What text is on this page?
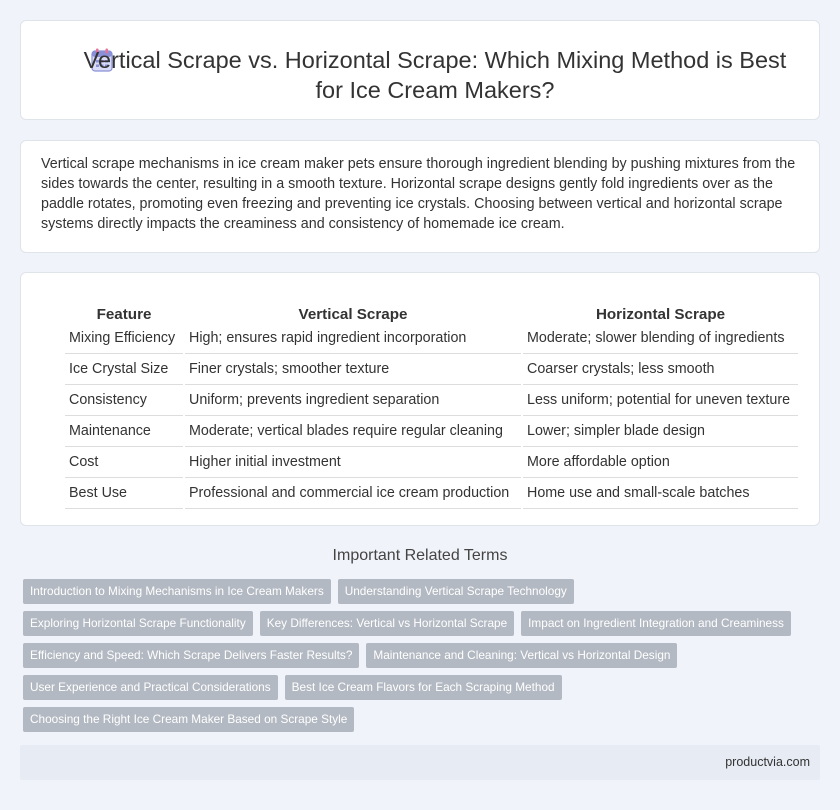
Vertical Scrape vs. Horizontal Scrape: Which Mixing Method is Best for Ice Cream Makers?

Vertical scrape mechanisms in ice cream maker pets ensure thorough ingredient blending by pushing mixtures from the sides towards the center, resulting in a smooth texture. Horizontal scrape designs gently fold ingredients over as the paddle rotates, promoting even freezing and preventing ice crystals. Choosing between vertical and horizontal scrape systems directly impacts the creaminess and consistency of homemade ice cream.

Feature	Vertical Scrape	Horizontal Scrape
Mixing Efficiency	High; ensures rapid ingredient incorporation	Moderate; slower blending of ingredients
Ice Crystal Size	Finer crystals; smoother texture	Coarser crystals; less smooth
Consistency	Uniform; prevents ingredient separation	Less uniform; potential for uneven texture
Maintenance	Moderate; vertical blades require regular cleaning	Lower; simpler blade design
Cost	Higher initial investment	More affordable option
Best Use	Professional and commercial ice cream production	Home use and small-scale batches
Important Related Terms
Introduction to Mixing Mechanisms in Ice Cream Makers	Understanding Vertical Scrape Technology
Exploring Horizontal Scrape Functionality	Key Differences: Vertical vs Horizontal Scrape	Impact on Ingredient Integration and Creaminess
Efficiency and Speed: Which Scrape Delivers Faster Results?	Maintenance and Cleaning: Vertical vs Horizontal Design
User Experience and Practical Considerations	Best Ice Cream Flavors for Each Scraping Method
Choosing the Right Ice Cream Maker Based on Scrape Style
productvia.com
